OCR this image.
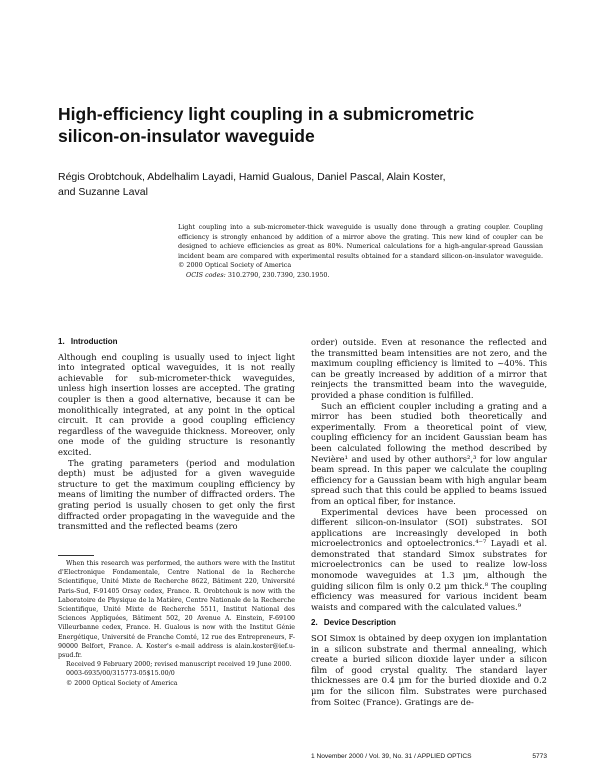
High-efficiency light coupling in a submicrometric
silicon-on-insulator waveguide
Régis Orobtchouk, Abdelhalim Layadi, Hamid Gualous, Daniel Pascal, Alain Koster,
and Suzanne Laval
Light coupling into a sub-micrometer-thick waveguide is usually done through a grating coupler. Coupling efficiency is strongly enhanced by addition of a mirror above the grating. This new kind of coupler can be designed to achieve efficiencies as great as 80%. Numerical calculations for a high-angular-spread Gaussian incident beam are compared with experimental results obtained for a standard silicon-on-insulator waveguide. © 2000 Optical Society of America
OCIS codes: 310.2790, 230.7390, 230.1950.
1.  Introduction

Although end coupling is usually used to inject light into integrated optical waveguides, it is not really achievable for sub-micrometer-thick waveguides, unless high insertion losses are accepted. The grating coupler is then a good alternative, because it can be monolithically integrated, at any point in the optical circuit. It can provide a good coupling efficiency regardless of the waveguide thickness. Moreover, only one mode of the guiding structure is resonantly excited.

The grating parameters (period and modulation depth) must be adjusted for a given waveguide structure to get the maximum coupling efficiency by means of limiting the number of diffracted orders. The grating period is usually chosen to get only the first diffracted order propagating in the waveguide and the transmitted and the reflected beams (zero

order) outside. Even at resonance the reflected and the transmitted beam intensities are not zero, and the maximum coupling efficiency is limited to ~40%. This can be greatly increased by addition of a mirror that reinjects the transmitted beam into the waveguide, provided a phase condition is fulfilled.

Such an efficient coupler including a grating and a mirror has been studied both theoretically and experimentally. From a theoretical point of view, coupling efficiency for an incident Gaussian beam has been calculated following the method described by Nevière¹ and used by other authors²,³ for low angular beam spread. In this paper we calculate the coupling efficiency for a Gaussian beam with high angular beam spread such that this could be applied to beams issued from an optical fiber, for instance.

Experimental devices have been processed on different silicon-on-insulator (SOI) substrates. SOI applications are increasingly developed in both microelectronics and optoelectronics.⁴⁻⁷ Layadi et al. demonstrated that standard Simox substrates for microelectronics can be used to realize low-loss monomode waveguides at 1.3 μm, although the guiding silicon film is only 0.2 μm thick.⁸ The coupling efficiency was measured for various incident beam waists and compared with the calculated values.⁹

2.  Device Description

SOI Simox is obtained by deep oxygen ion implantation in a silicon substrate and thermal annealing, which create a buried silicon dioxide layer under a silicon film of good crystal quality. The standard layer thicknesses are 0.4 μm for the buried dioxide and 0.2 μm for the silicon film. Substrates were purchased from Soitec (France). Gratings are de-

When this research was performed, the authors were with the Institut d'Electronique Fondamentale, Centre National de la Recherche Scientifique, Unité Mixte de Recherche 8622, Bâtiment 220, Université Paris-Sud, F-91405 Orsay cedex, France. R. Orobtchouk is now with the Laboratoire de Physique de la Matière, Centre Nationale de la Recherche Scientifique, Unité Mixte de Recherche 5511, Institut National des Sciences Appliquées, Bâtiment 502, 20 Avenue A. Einstein, F-69100 Villeurbanne cedex, France. H. Gualous is now with the Institut Génie Energétique, Université de Franche Comté, 12 rue des Entrepreneurs, F-90000 Belfort, France. A. Koster's e-mail address is alain.koster@ief.u-psud.fr.

Received 9 February 2000; revised manuscript received 19 June 2000.

0003-6935/00/315773-05$15.00/0

© 2000 Optical Society of America

1 November 2000 / Vol. 39, No. 31 / APPLIED OPTICS	5773
